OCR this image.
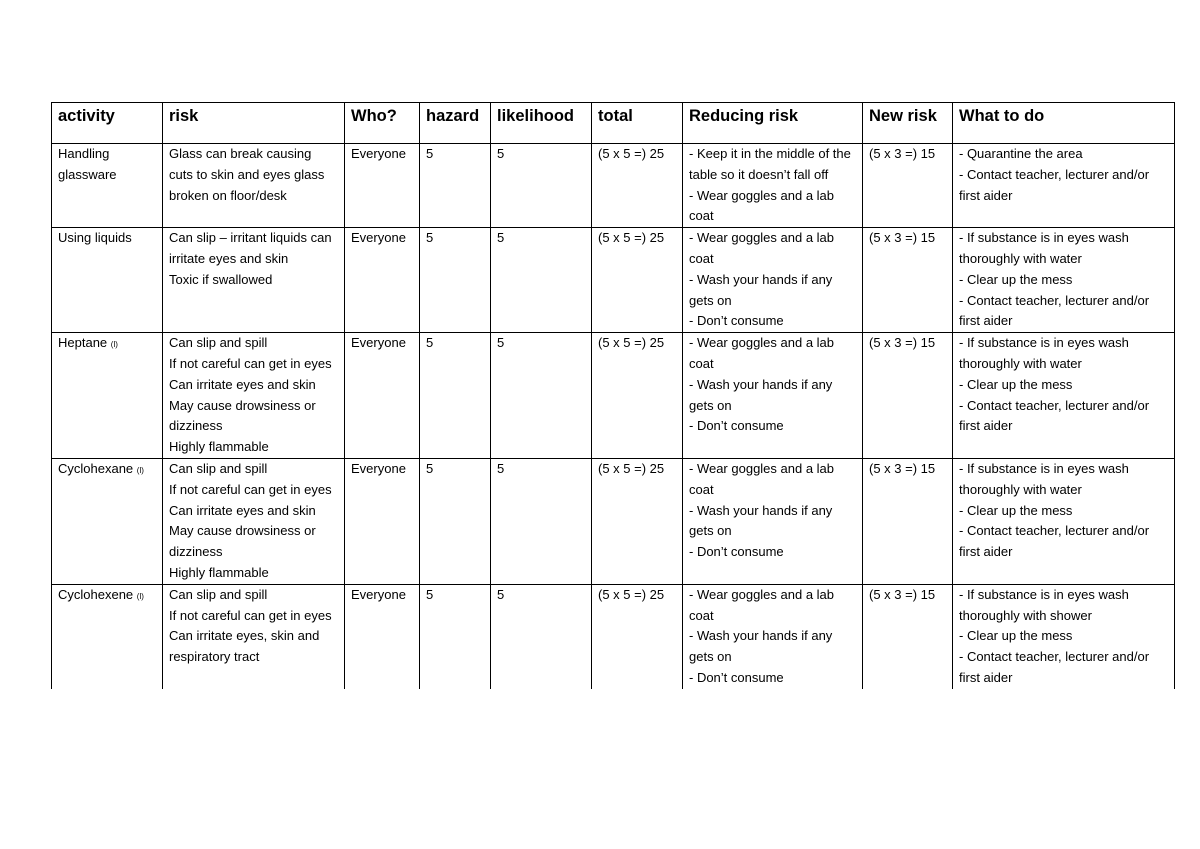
activity	risk	Who?	hazard	likelihood	total	Reducing risk	New risk	What to do
Handling glassware	Glass can break causing cuts to skin and eyes glass broken on floor/desk	Everyone	5	5	(5 x 5 =) 25	- Keep it in the middle of the table so it doesn’t fall off
- Wear goggles and a lab coat	(5 x 3 =) 15	- Quarantine the area
- Contact teacher, lecturer and/or first aider

Using liquids	Can slip – irritant liquids can irritate eyes and skin
Toxic if swallowed	Everyone	5	5	(5 x 5 =) 25	- Wear goggles and a lab coat
- Wash your hands if any gets on
- Don’t consume	(5 x 3 =) 15	- If substance is in eyes wash thoroughly with water
- Clear up the mess
- Contact teacher, lecturer and/or first aider

Heptane (l)	Can slip and spill
If not careful can get in eyes
Can irritate eyes and skin
May cause drowsiness or dizziness
Highly flammable	Everyone	5	5	(5 x 5 =) 25	- Wear goggles and a lab coat
- Wash your hands if any gets on
- Don’t consume	(5 x 3 =) 15	- If substance is in eyes wash thoroughly with water
- Clear up the mess
- Contact teacher, lecturer and/or first aider

Cyclohexane (l)	Can slip and spill
If not careful can get in eyes
Can irritate eyes and skin
May cause drowsiness or dizziness
Highly flammable	Everyone	5	5	(5 x 5 =) 25	- Wear goggles and a lab coat
- Wash your hands if any gets on
- Don’t consume	(5 x 3 =) 15	- If substance is in eyes wash thoroughly with water
- Clear up the mess
- Contact teacher, lecturer and/or first aider

Cyclohexene (l)	Can slip and spill
If not careful can get in eyes
Can irritate eyes, skin and respiratory tract	Everyone	5	5	(5 x 5 =) 25	- Wear goggles and a lab coat
- Wash your hands if any gets on
- Don’t consume	(5 x 3 =) 15	- If substance is in eyes wash thoroughly with shower
- Clear up the mess
- Contact teacher, lecturer and/or first aider
